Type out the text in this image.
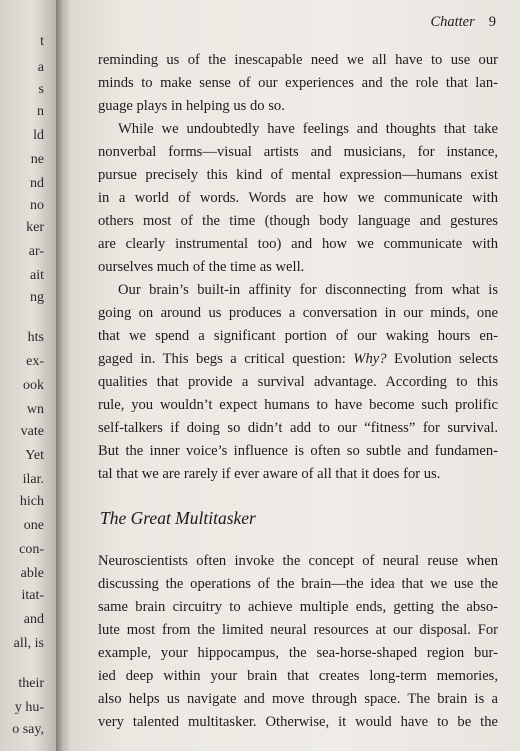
t
a
s
n
ld
ne
nd
no
ker
ar-
ait
ng
hts
ex-
ook
wn
vate
Yet
ilar.
hich
one
con-
able
itat-
and
all, is
their
y hu-
o say,
Chatter 9
reminding us of the inescapable need we all have to use our
minds to make sense of our experiences and the role that lan-
guage plays in helping us do so.
While we undoubtedly have feelings and thoughts that take
nonverbal forms—visual artists and musicians, for instance,
pursue precisely this kind of mental expression—humans exist
in a world of words. Words are how we communicate with
others most of the time (though body language and gestures
are clearly instrumental too) and how we communicate with
ourselves much of the time as well.
Our brain’s built-in affinity for disconnecting from what is
going on around us produces a conversation in our minds, one
that we spend a significant portion of our waking hours en-
gaged in. This begs a critical question: Why? Evolution selects
qualities that provide a survival advantage. According to this
rule, you wouldn’t expect humans to have become such prolific
self-talkers if doing so didn’t add to our “fitness” for survival.
But the inner voice’s influence is often so subtle and fundamen-
tal that we are rarely if ever aware of all that it does for us.
The Great Multitasker
Neuroscientists often invoke the concept of neural reuse when
discussing the operations of the brain—the idea that we use the
same brain circuitry to achieve multiple ends, getting the abso-
lute most from the limited neural resources at our disposal. For
example, your hippocampus, the sea-horse-shaped region bur-
ied deep within your brain that creates long-term memories,
also helps us navigate and move through space. The brain is a
very talented multitasker. Otherwise, it would have to be the
